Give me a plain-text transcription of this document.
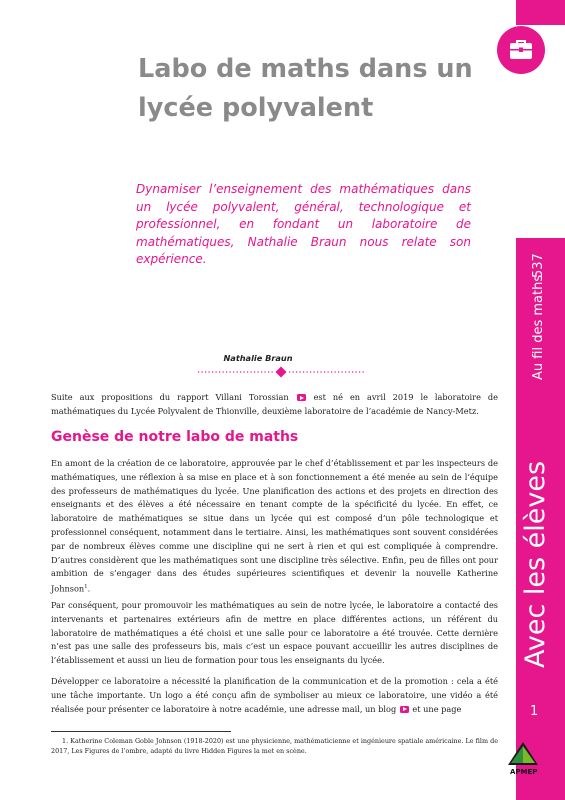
Au fil des maths
537
Avec les élèves
1
APMEP
Labo de maths dans un
lycée polyvalent

Dynamiser l’enseignement des mathématiques dans un lycée polyvalent, général, technologique et professionnel, en fondant un laboratoire de mathématiques, Nathalie Braun nous relate son expérience.

Nathalie Braun

Suite aux propositions du rapport Villani Torossian  est né en avril 2019 le laboratoire de mathématiques du Lycée Polyvalent de Thionville, deuxième laboratoire de l’académie de Nancy-Metz.

Genèse de notre labo de maths

En amont de la création de ce laboratoire, approuvée par le chef d’établissement et par les inspecteurs de mathématiques, une réflexion à sa mise en place et à son fonctionnement a été menée au sein de l’équipe des professeurs de mathématiques du lycée. Une planification des actions et des projets en direction des enseignants et des élèves a été nécessaire en tenant compte de la spécificité du lycée. En effet, ce laboratoire de mathématiques se situe dans un lycée qui est composé d’un pôle technologique et professionnel conséquent, notamment dans le tertiaire. Ainsi, les mathématiques sont souvent considérées par de nombreux élèves comme une discipline qui ne sert à rien et qui est compliquée à comprendre. D’autres considèrent que les mathématiques sont une discipline très sélective. Enfin, peu de filles ont pour ambition de s’engager dans des études supérieures scientifiques et devenir la nouvelle Katherine Johnson$^1$.

Par conséquent, pour promouvoir les mathématiques au sein de notre lycée, le laboratoire a contacté des intervenants et partenaires extérieurs afin de mettre en place différentes actions, un référent du laboratoire de mathématiques a été choisi et une salle pour ce laboratoire a été trouvée. Cette dernière n’est pas une salle des professeurs bis, mais c’est un espace pouvant accueillir les autres disciplines de l’établissement et aussi un lieu de formation pour tous les enseignants du lycée.

Développer ce laboratoire a nécessité la planification de la communication et de la promotion : cela a été une tâche importante. Un logo a été conçu afin de symboliser au mieux ce laboratoire, une vidéo a été réalisée pour présenter ce laboratoire à notre académie, une adresse mail, un blog  et une page

1. Katherine Coleman Goble Johnson (1918-2020) est une physicienne, mathématicienne et ingénieure spatiale américaine. Le film de 2017, Les Figures de l’ombre, adapté du livre Hidden Figures la met en scène.
